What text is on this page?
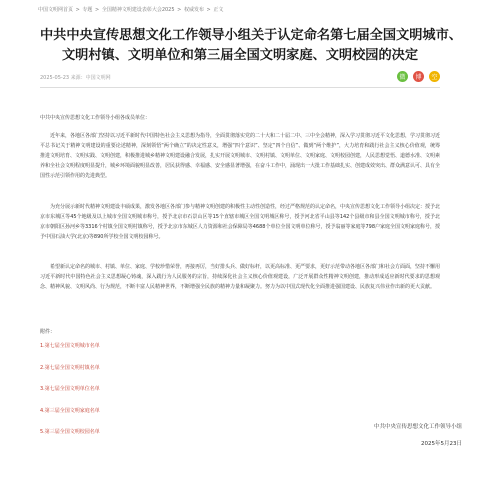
中国文明网首页 > 专题 > 全国精神文明建设表彰大会2025 > 权威发布 > 正文
中共中央宣传思想文化工作领导小组关于认定命名第七届全国文明城市、
文明村镇、文明单位和第三届全国文明家庭、文明校园的决定
2025-05-23 来源：中国文明网	微	博	空

中共中央宣传思想文化工作领导小组各成员单位：

近年来，各地区各部门坚持以习近平新时代中国特色社会主义思想为指导，全面贯彻落实党的二十大和二十届二中、三中全会精神，深入学习贯彻习近平文化思想，学习贯彻习近平总书记关于精神文明建设的重要论述精神，深刻领悟“两个确立”的决定性意义，增强“四个意识”、坚定“四个自信”、做到“两个维护”，大力培育和践行社会主义核心价值观，统筹推进文明培育、文明实践、文明创建，积极推进城乡精神文明建设融合发展，扎实开展文明城市、文明村镇、文明单位、文明家庭、文明校园创建，人民思想觉悟、道德水准、文明素养和全社会文明程度明显提升，城乡环境面貌明显改善，居民获得感、幸福感、安全感显著增强，在奋斗工作中，涌现出一大批工作基础扎实、创建成效突出、群众满意认可、具有全国性示范引领作用的先进典型。

为充分展示新时代精神文明建设丰硕成果，激发各地区各部门参与精神文明创建的积极性主动性创造性，经过严格规范的认定命名，中央宣传思想文化工作领导小组决定：授予北京市东城区等45个地级及以上城市全国文明城市称号，授予北京市石景山区等15个直辖市城区全国文明城区称号，授予河北省平山县等142个县级市和县全国文明城市称号，授予北京市朝阳区孙河乡等3316个村镇全国文明村镇称号，授予北京市东城区人力资源和社会保障局等4688个单位全国文明单位称号，授予翁丽等家庭等798户家庭全国文明家庭称号，授予中国石油大学(北京)等890所学校全国文明校园称号。

希望新认定命名的城市、村镇、单位、家庭、学校珍惜荣誉，再接再厉，当好排头兵、做好标杆，以更高标准、更严要求，更好示范带动各地区各部门和社会方面面，坚持不懈用习近平新时代中国特色社会主义思想凝心铸魂，深入践行为人民服务的宗旨，持续深化社会主义核心价值观建设，广泛开展群众性精神文明创建，推动形成适应新时代要求的思想观念、精神风貌、文明风尚、行为规范，不断丰富人民精神世界，不断增强全民族的精神力量和凝聚力。努力为以中国式现代化全面推进强国建设、民族复兴伟业作出新的更大贡献。

附件：

1.第七届全国文明城市名单
2.第七届全国文明村镇名单
3.第七届全国文明单位名单
4.第三届全国文明家庭名单
5.第三届全国文明校园名单
中共中央宣传思想文化工作领导小组
2025年5月23日
